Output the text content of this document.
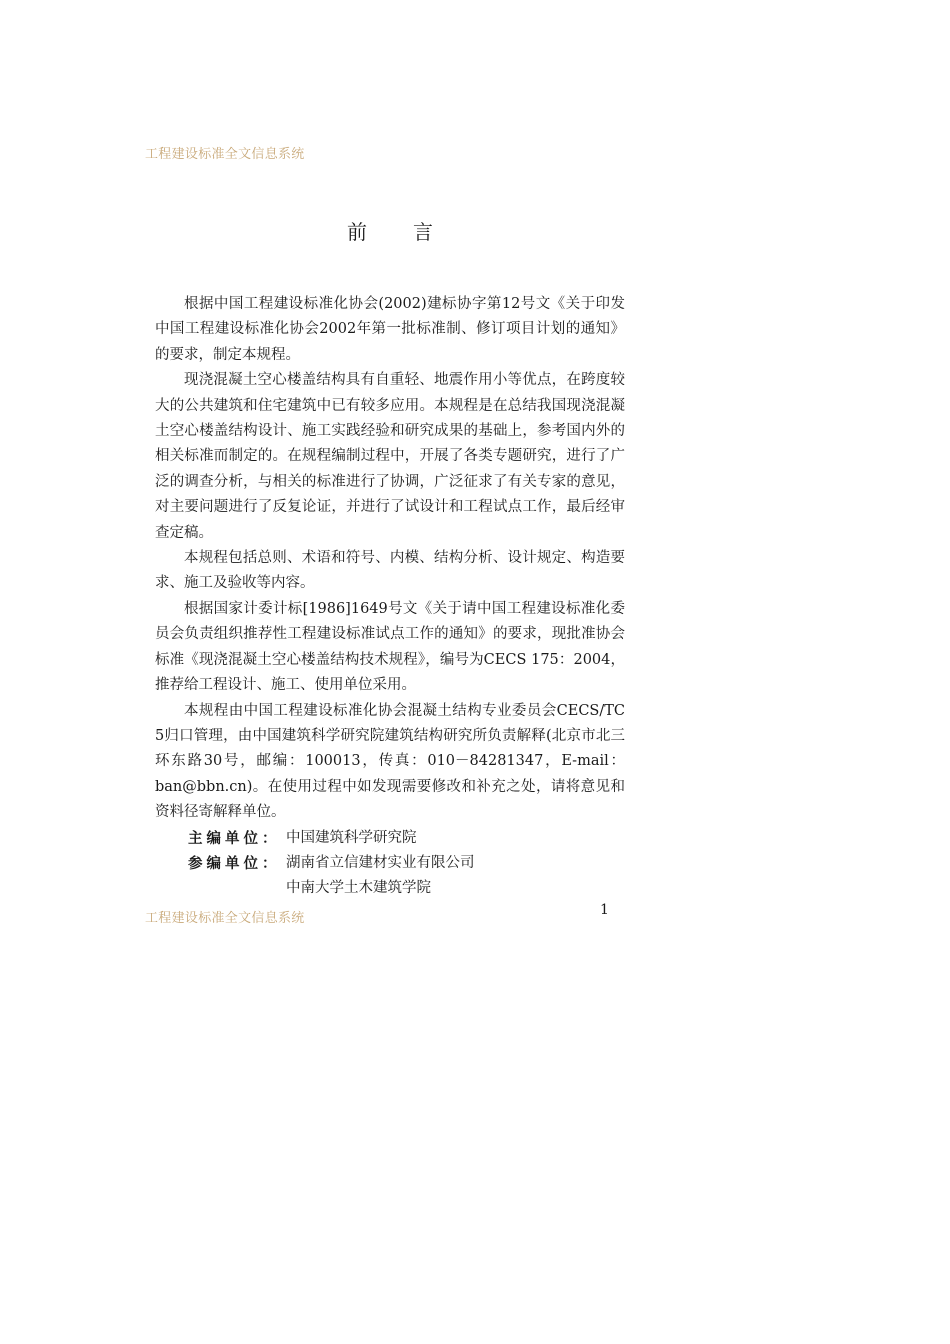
工程建设标准全文信息系统
前言

根据中国工程建设标准化协会(2002)建标协字第12号文《关于印发中国工程建设标准化协会2002年第一批标准制、修订项目计划的通知》的要求，制定本规程。

现浇混凝土空心楼盖结构具有自重轻、地震作用小等优点，在跨度较大的公共建筑和住宅建筑中已有较多应用。本规程是在总结我国现浇混凝土空心楼盖结构设计、施工实践经验和研究成果的基础上，参考国内外的相关标准而制定的。在规程编制过程中，开展了各类专题研究，进行了广泛的调查分析，与相关的标准进行了协调，广泛征求了有关专家的意见，对主要问题进行了反复论证，并进行了试设计和工程试点工作，最后经审查定稿。

本规程包括总则、术语和符号、内模、结构分析、设计规定、构造要求、施工及验收等内容。

根据国家计委计标[1986]1649号文《关于请中国工程建设标准化委员会负责组织推荐性工程建设标准试点工作的通知》的要求，现批准协会标准《现浇混凝土空心楼盖结构技术规程》，编号为CECS 175：2004，推荐给工程设计、施工、使用单位采用。

本规程由中国工程建设标准化协会混凝土结构专业委员会CECS/TC 5归口管理，由中国建筑科学研究院建筑结构研究所负责解释(北京市北三环东路30号，邮编：100013，传真：010－84281347，E-mail：ban@bbn.cn)。在使用过程中如发现需要修改和补充之处，请将意见和资料径寄解释单位。

主编单位： 中国建筑科学研究院
参编单位： 湖南省立信建材实业有限公司
中南大学土木建筑学院
工程建设标准全文信息系统
1
